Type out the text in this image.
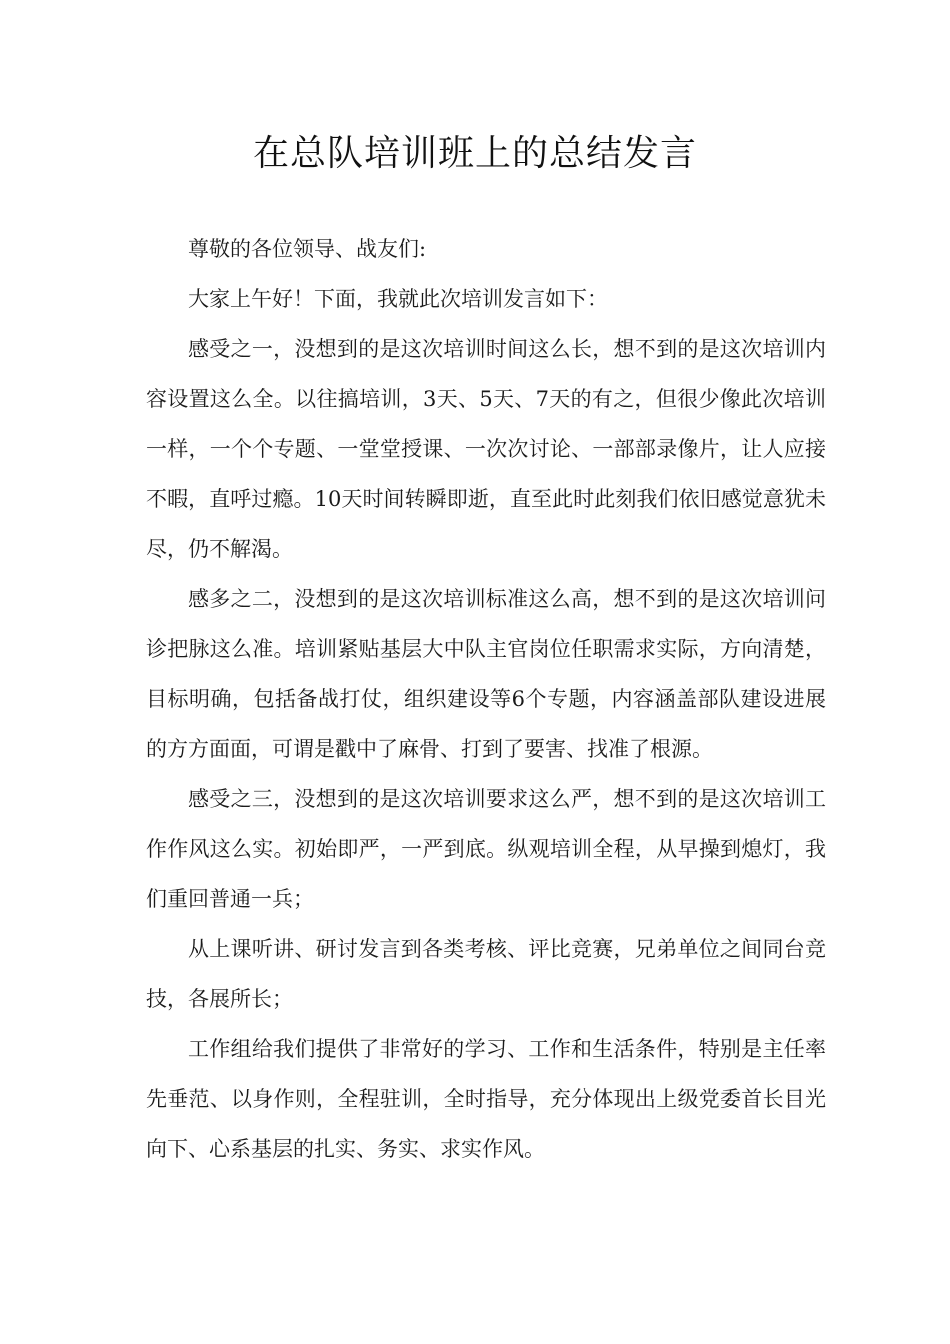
在总队培训班上的总结发言

尊敬的各位领导、战友们:

大家上午好！下面，我就此次培训发言如下：

感受之一，没想到的是这次培训时间这么长，想不到的是这次培训内容设置这么全。以往搞培训，3天、5天、7天的有之，但很少像此次培训一样，一个个专题、一堂堂授课、一次次讨论、一部部录像片，让人应接不暇，直呼过瘾。10天时间转瞬即逝，直至此时此刻我们依旧感觉意犹未尽，仍不解渴。

感多之二，没想到的是这次培训标准这么高，想不到的是这次培训问诊把脉这么准。培训紧贴基层大中队主官岗位任职需求实际，方向清楚，目标明确，包括备战打仗，组织建设等6个专题，内容涵盖部队建设进展的方方面面，可谓是戳中了麻骨、打到了要害、找准了根源。

感受之三，没想到的是这次培训要求这么严，想不到的是这次培训工作作风这么实。初始即严，一严到底。纵观培训全程，从早操到熄灯，我们重回普通一兵；

从上课听讲、研讨发言到各类考核、评比竞赛，兄弟单位之间同台竞技，各展所长；

工作组给我们提供了非常好的学习、工作和生活条件，特别是主任率先垂范、以身作则，全程驻训，全时指导，充分体现出上级党委首长目光向下、心系基层的扎实、务实、求实作风。
